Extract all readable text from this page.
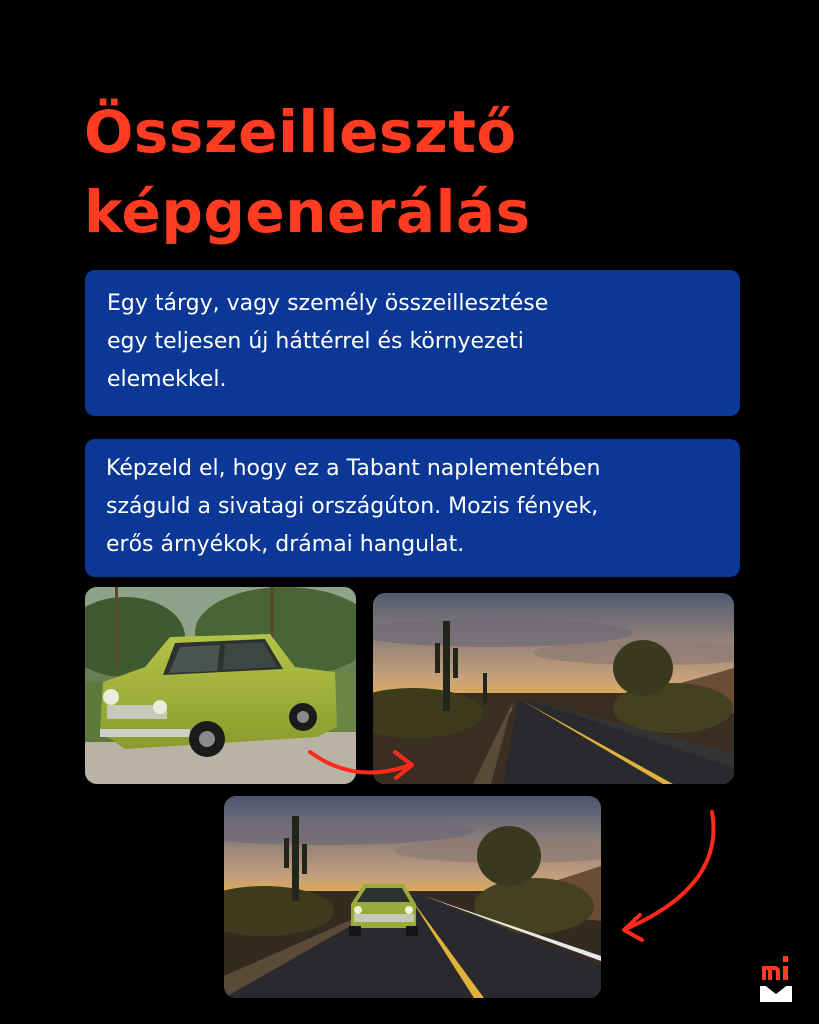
Összeillesztő
képgenerálás
Egy tárgy, vagy személy összeillesztése
egy teljesen új háttérrel és környezeti
elemekkel.
Képzeld el, hogy ez a Tabant naplementében
száguld a sivatagi országúton. Mozis fények,
erős árnyékok, drámai hangulat.
